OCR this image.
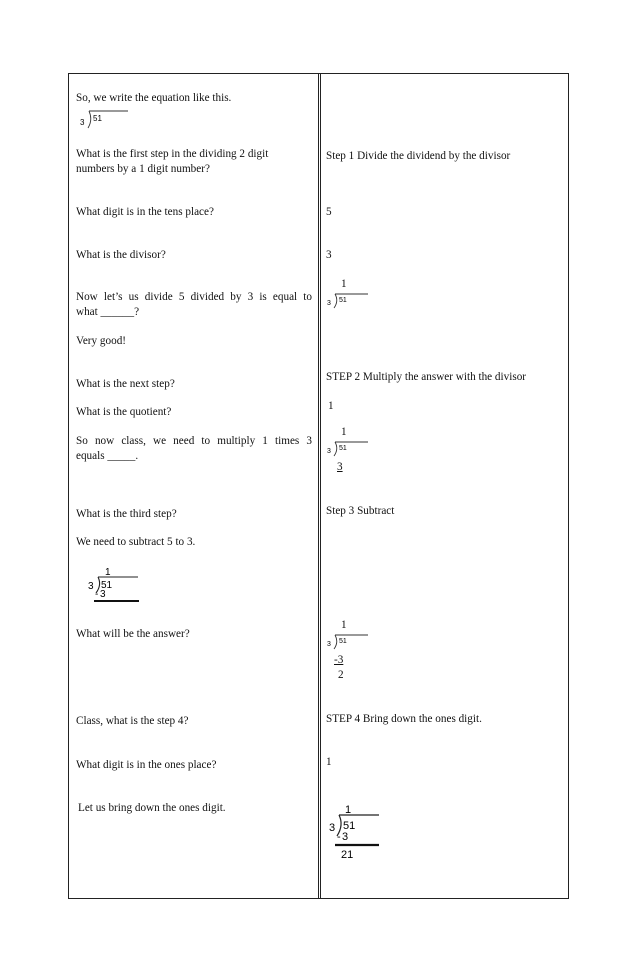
So, we write the equation like this.
3 51
What is the first step in the dividing 2 digit
numbers by a 1 digit number?
What digit is in the tens place?
What is the divisor?
Now let’s us divide 5 divided by 3 is equal to
what ______?
Very good!
What is the next step?
What is the quotient?
So now class, we need to multiply 1 times 3
equals _____.
What is the third step?
We need to subtract 5 to 3.
1
3 51
- 3
What will be the answer?
Class, what is the step 4?
What digit is in the ones place?
Let us bring down the ones digit.
Step 1 Divide the dividend by the divisor
5
3
1
3 51
STEP 2 Multiply the answer with the divisor
1
1
3 51
3
Step 3 Subtract
1
3 51
-3
2
STEP 4 Bring down the ones digit.
1
1
3 51
- 3
21
